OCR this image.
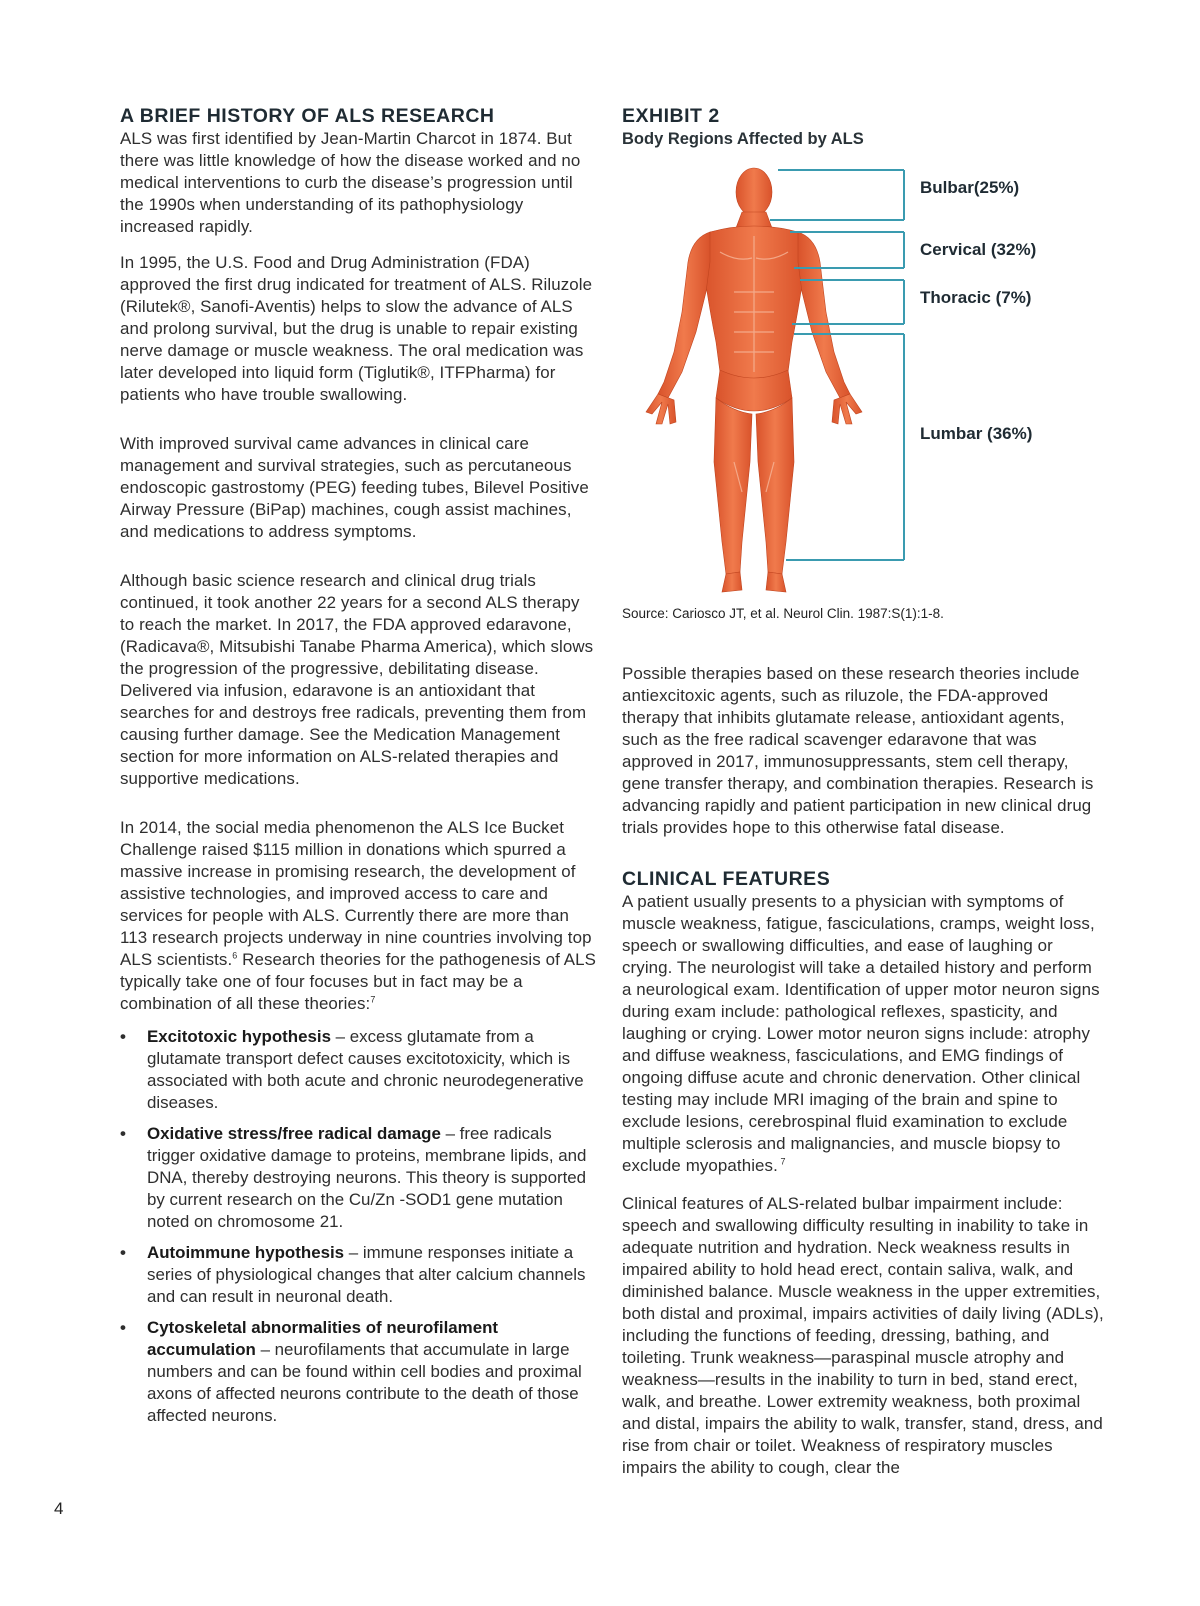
A BRIEF HISTORY OF ALS RESEARCH

ALS was first identified by Jean-Martin Charcot in 1874. But there was little knowledge of how the disease worked and no medical interventions to curb the disease’s progression until the 1990s when understanding of its pathophysiology increased rapidly.

In 1995, the U.S. Food and Drug Administration (FDA) approved the first drug indicated for treatment of ALS. Riluzole (Rilutek®, Sanofi-Aventis) helps to slow the advance of ALS and prolong survival, but the drug is unable to repair existing nerve damage or muscle weakness. The oral medication was later developed into liquid form (Tiglutik®, ITFPharma) for patients who have trouble swallowing.

With improved survival came advances in clinical care management and survival strategies, such as percutaneous endoscopic gastrostomy (PEG) feeding tubes, Bilevel Positive Airway Pressure (BiPap) machines, cough assist machines, and medications to address symptoms.

Although basic science research and clinical drug trials continued, it took another 22 years for a second ALS therapy to reach the market. In 2017, the FDA approved edaravone, (Radicava®, Mitsubishi Tanabe Pharma America), which slows the progression of the progressive, debilitating disease. Delivered via infusion, edaravone is an antioxidant that searches for and destroys free radicals, preventing them from causing further damage. See the Medication Management section for more information on ALS-related therapies and supportive medications.

In 2014, the social media phenomenon the ALS Ice Bucket Challenge raised $115 million in donations which spurred a massive increase in promising research, the development of assistive technologies, and improved access to care and services for people with ALS. Currently there are more than 113 research projects underway in nine countries involving top ALS scientists.$^6$ Research theories for the pathogenesis of ALS typically take one of four focuses but in fact may be a combination of all these theories:$^7$

• Excitotoxic hypothesis – excess glutamate from a glutamate transport defect causes excitotoxicity, which is associated with both acute and chronic neurodegenerative diseases.
• Oxidative stress/free radical damage – free radicals trigger oxidative damage to proteins, membrane lipids, and DNA, thereby destroying neurons. This theory is supported by current research on the Cu/Zn -SOD1 gene mutation noted on chromosome 21.
• Autoimmune hypothesis – immune responses initiate a series of physiological changes that alter calcium channels and can result in neuronal death.
• Cytoskeletal abnormalities of neurofilament accumulation – neurofilaments that accumulate in large numbers and can be found within cell bodies and proximal axons of affected neurons contribute to the death of those affected neurons.
EXHIBIT 2

Body Regions Affected by ALS

Bulbar(25%)
Cervical (32%)
Thoracic (7%)
Lumbar (36%)
Source: Cariosco JT, et al. Neurol Clin. 1987:S(1):1-8.

Possible therapies based on these research theories include antiexcitoxic agents, such as riluzole, the FDA-approved therapy that inhibits glutamate release, antioxidant agents, such as the free radical scavenger edaravone that was approved in 2017, immunosuppressants, stem cell therapy, gene transfer therapy, and combination therapies. Research is advancing rapidly and patient participation in new clinical drug trials provides hope to this otherwise fatal disease.

CLINICAL FEATURES

A patient usually presents to a physician with symptoms of muscle weakness, fatigue, fasciculations, cramps, weight loss, speech or swallowing difficulties, and ease of laughing or crying. The neurologist will take a detailed history and perform a neurological exam. Identification of upper motor neuron signs during exam include: pathological reflexes, spasticity, and laughing or crying. Lower motor neuron signs include: atrophy and diffuse weakness, fasciculations, and EMG findings of ongoing diffuse acute and chronic denervation. Other clinical testing may include MRI imaging of the brain and spine to exclude lesions, cerebrospinal fluid examination to exclude multiple sclerosis and malignancies, and muscle biopsy to exclude myopathies. $^7$

Clinical features of ALS-related bulbar impairment include: speech and swallowing difficulty resulting in inability to take in adequate nutrition and hydration. Neck weakness results in impaired ability to hold head erect, contain saliva, walk, and diminished balance. Muscle weakness in the upper extremities, both distal and proximal, impairs activities of daily living (ADLs), including the functions of feeding, dressing, bathing, and toileting. Trunk weakness—paraspinal muscle atrophy and weakness—results in the inability to turn in bed, stand erect, walk, and breathe. Lower extremity weakness, both proximal and distal, impairs the ability to walk, transfer, stand, dress, and rise from chair or toilet. Weakness of respiratory muscles impairs the ability to cough, clear the

4
